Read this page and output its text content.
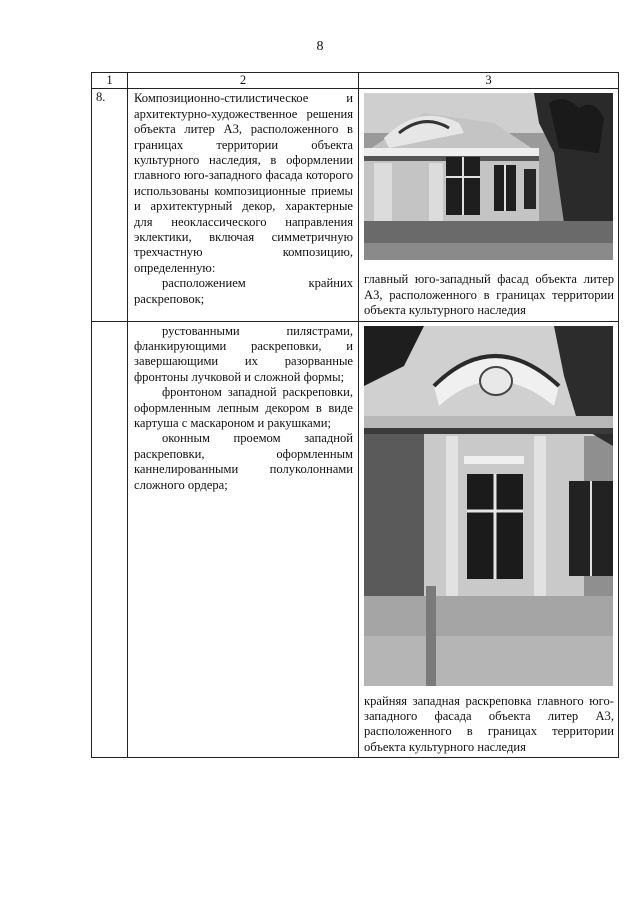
8
1	2	3
8.	Композиционно-стилистическое и архитектурно-художественное решения объекта литер А3, расположенного в границах территории объекта культурного наследия, в оформлении главного юго-западного фасада которого использованы композиционные приемы и архитектурный декор, характерные для неоклассического направления эклектики, включая симметричную трехчастную композицию, определенную:

расположением крайних раскреповок;	главный юго-западный фасад объекта литер А3, расположенного в границах территории объекта культурного наследия

	рустованными пилястрами, фланкирующими раскреповки, и завершающими их разорванные фронтоны лучковой и сложной формы;

фронтоном западной раскреповки, оформленным лепным декором в виде картуша с маскароном и ракушками;

оконным проемом западной раскреповки, оформленным каннелированными полуколоннами сложного ордера;	крайняя западная раскреповка главного юго-западного фасада объекта литер А3, расположенного в границах территории объекта культурного наследия
